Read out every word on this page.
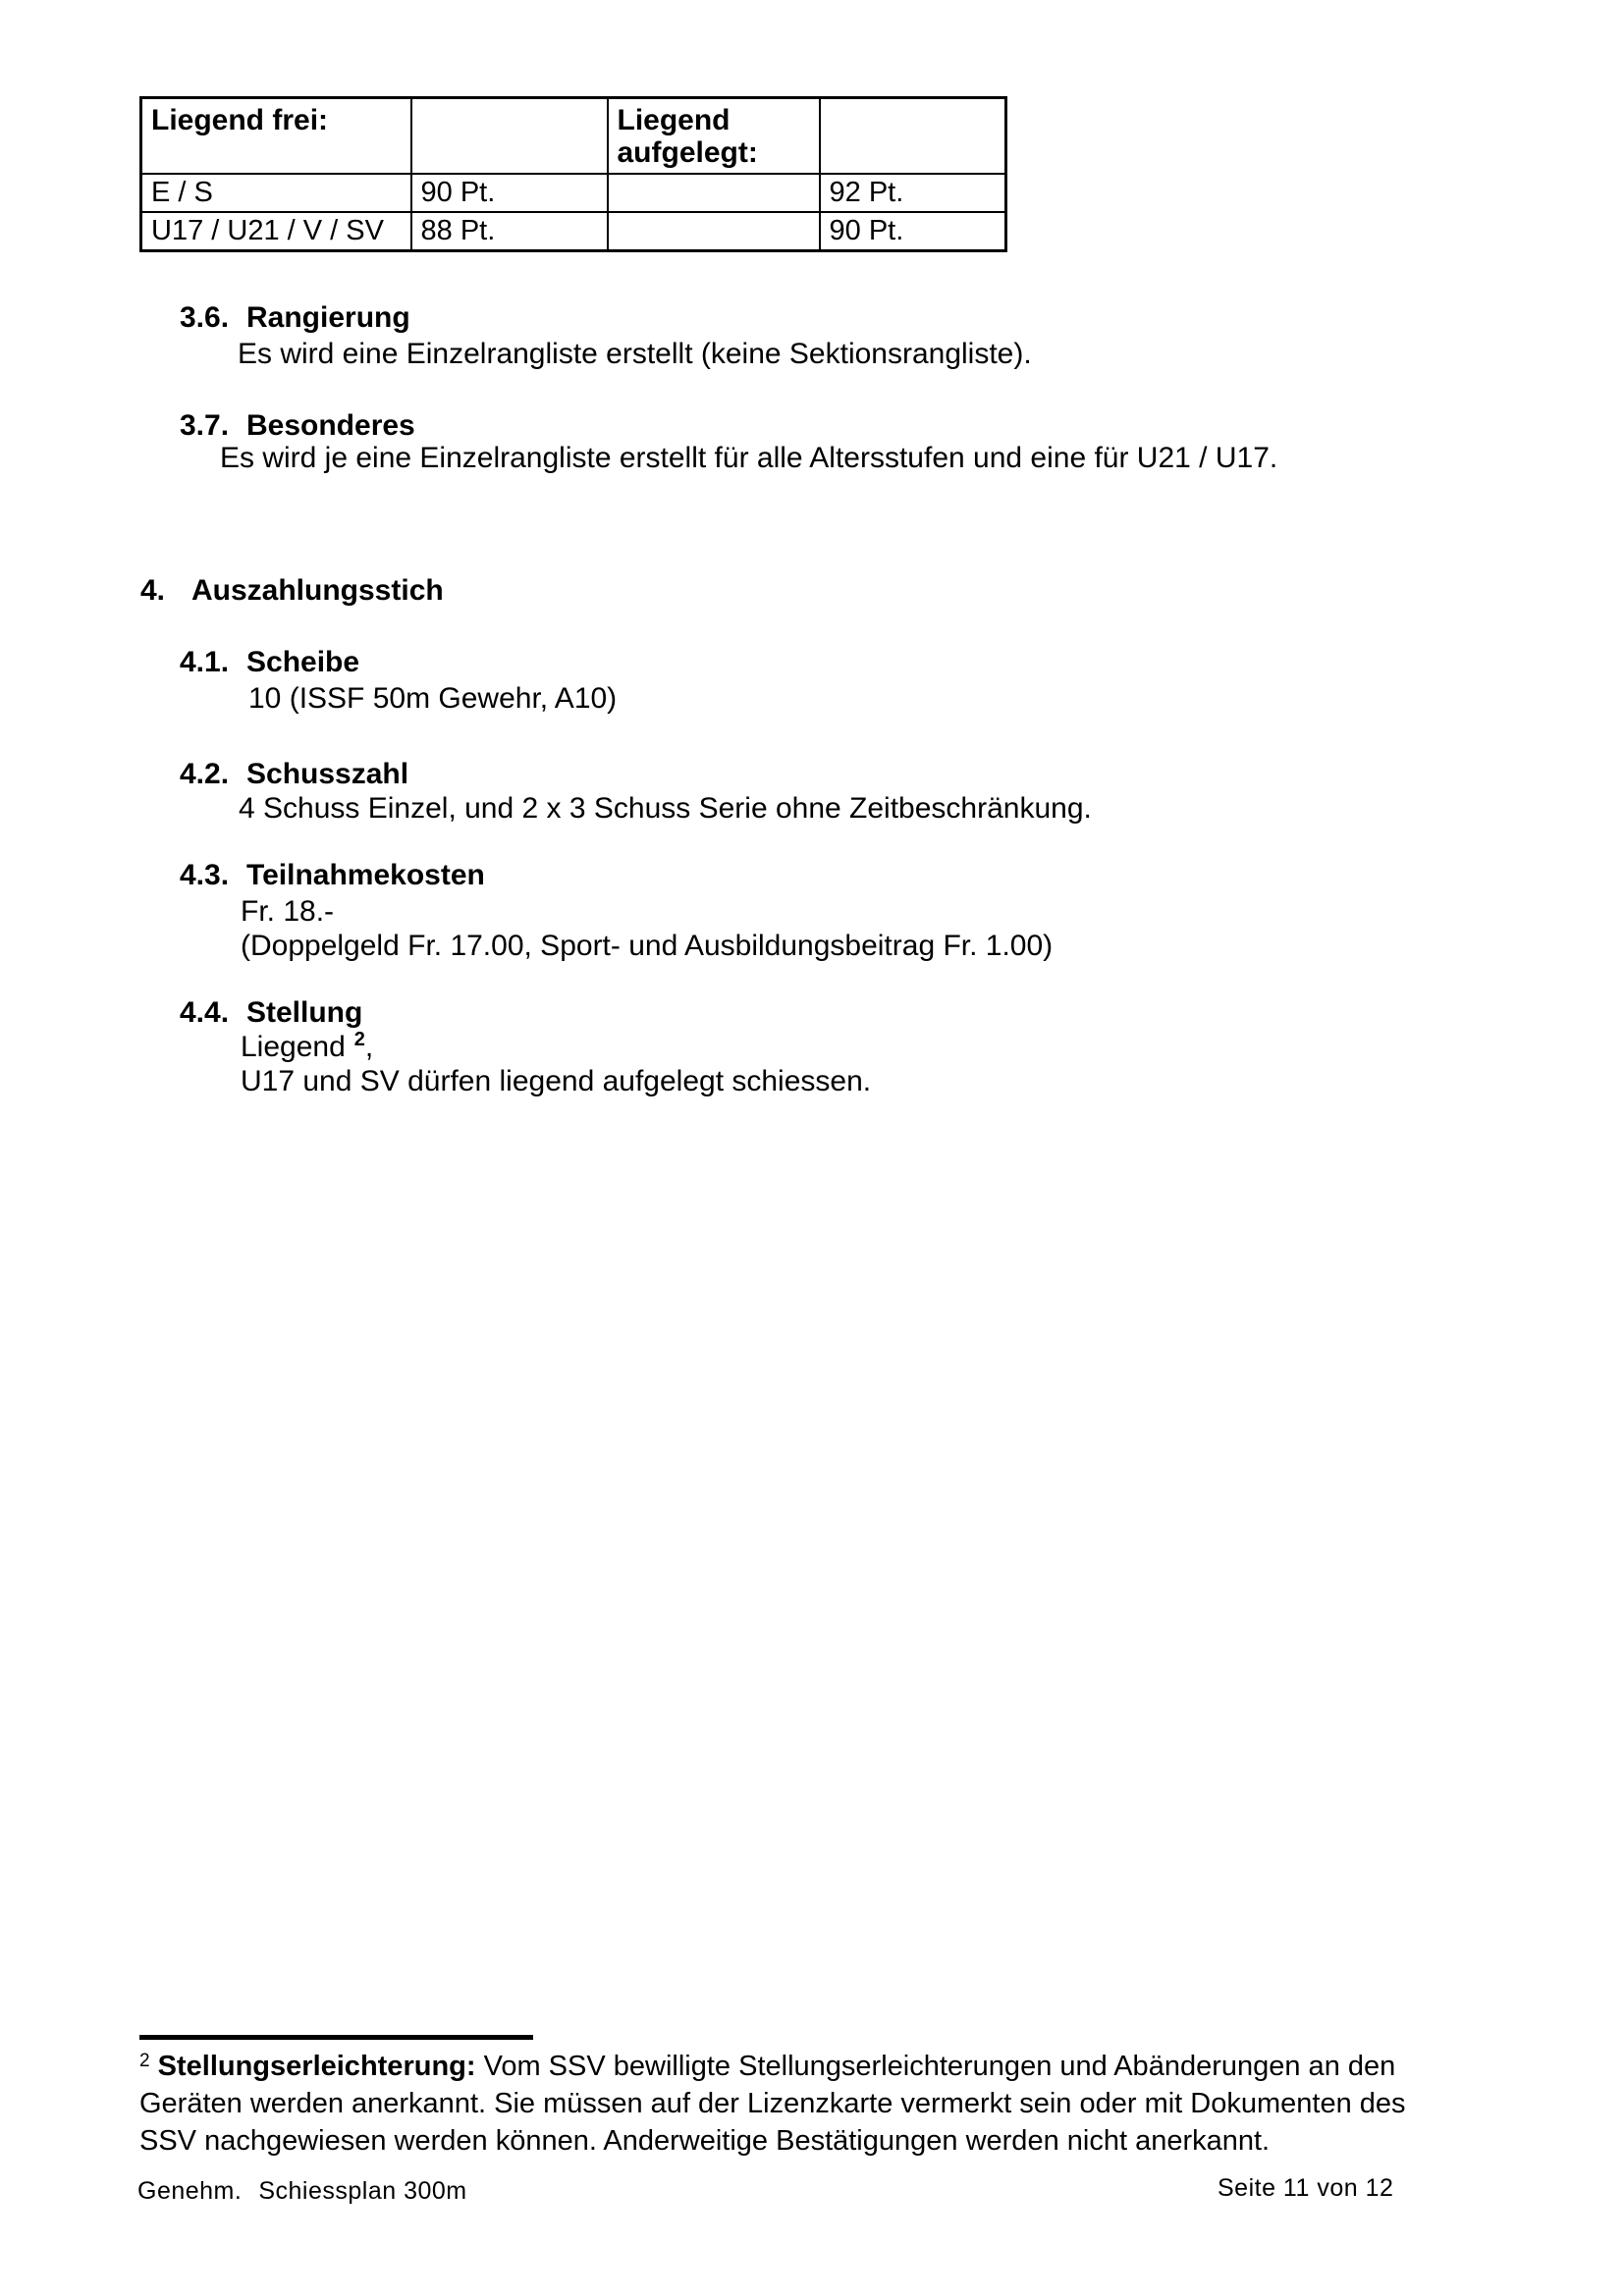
Liegend frei:		Liegend aufgelegt:	
E / S	90 Pt.		92 Pt.
U17 / U21 / V / SV	88 Pt.		90 Pt.
3.6. Rangierung
Es wird eine Einzelrangliste erstellt (keine Sektionsrangliste).
3.7. Besonderes
Es wird je eine Einzelrangliste erstellt für alle Altersstufen und eine für U21 / U17.
4. Auszahlungsstich
4.1. Scheibe
10 (ISSF 50m Gewehr, A10)
4.2. Schusszahl
4 Schuss Einzel, und 2 x 3 Schuss Serie ohne Zeitbeschränkung.
4.3. Teilnahmekosten
Fr. 18.-
(Doppelgeld Fr. 17.00, Sport- und Ausbildungsbeitrag Fr. 1.00)
4.4. Stellung
Liegend $^2$,
U17 und SV dürfen liegend aufgelegt schiessen.
$^2$ Stellungserleichterung: Vom SSV bewilligte Stellungserleichterungen und Abänderungen an den
Geräten werden anerkannt. Sie müssen auf der Lizenzkarte vermerkt sein oder mit Dokumenten des
SSV nachgewiesen werden können. Anderweitige Bestätigungen werden nicht anerkannt.
Genehm. Schiessplan 300m	Seite 11 von 12
